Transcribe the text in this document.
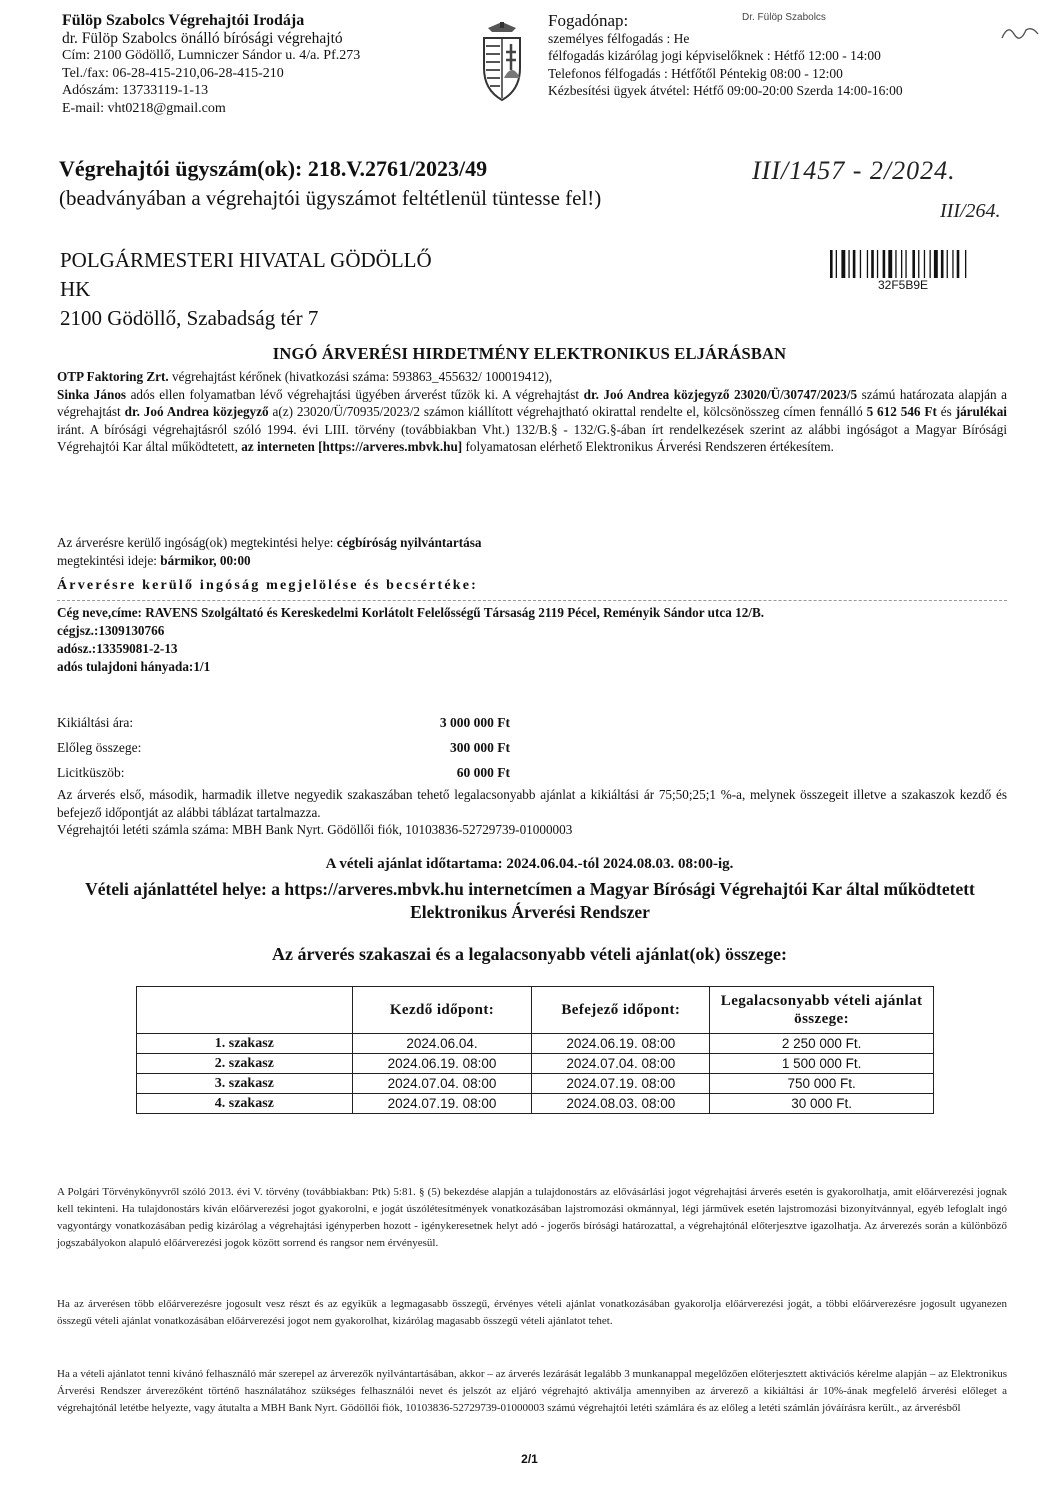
Fülöp Szabolcs Végrehajtói Irodája
dr. Fülöp Szabolcs önálló bírósági végrehajtó
Cím: 2100 Gödöllő, Lumniczer Sándor u. 4/a. Pf.273
Tel./fax: 06-28-415-210,06-28-415-210
Adószám: 13733119-1-13
E-mail: vht0218@gmail.com
Fogadónap:
személyes félfogadás : He
félfogadás kizárólag jogi képviselőknek : Hétfő 12:00 - 14:00
Telefonos félfogadás : Hétfőtől Péntekig 08:00 - 12:00
Kézbesítési ügyek átvétel: Hétfő 09:00-20:00 Szerda 14:00-16:00
Dr. Fülöp Szabolcs
Végrehajtói ügyszám(ok): 218.V.2761/2023/49
(beadványában a végrehajtói ügyszámot feltétlenül tüntesse fel!)
III/1457 - 2/2024.
III/264.
POLGÁRMESTERI HIVATAL GÖDÖLLŐ
HK
2100 Gödöllő, Szabadság tér 7
32F5B9E
INGÓ ÁRVERÉSI HIRDETMÉNY ELEKTRONIKUS ELJÁRÁSBAN
OTP Faktoring Zrt. végrehajtást kérőnek (hivatkozási száma: 593863_455632/ 100019412),
Sinka János adós ellen folyamatban lévő végrehajtási ügyében árverést tűzök ki. A végrehajtást dr. Joó Andrea közjegyző 23020/Ü/30747/2023/5 számú határozata alapján a végrehajtást dr. Joó Andrea közjegyző a(z) 23020/Ü/70935/2023/2 számon kiállított végrehajtható okirattal rendelte el, kölcsönösszeg címen fennálló 5 612 546 Ft és járulékai iránt. A bírósági végrehajtásról szóló 1994. évi LIII. törvény (továbbiakban Vht.) 132/B.§ - 132/G.§-ában írt rendelkezések szerint az alábbi ingóságot a Magyar Bírósági Végrehajtói Kar által működtetett, az interneten [https://arveres.mbvk.hu] folyamatosan elérhető Elektronikus Árverési Rendszeren értékesítem.
Az árverésre kerülő ingóság(ok) megtekintési helye: cégbíróság nyilvántartása
megtekintési ideje: bármikor, 00:00
Árverésre kerülő ingóság megjelölése és becsértéke:
Cég neve,címe: RAVENS Szolgáltató és Kereskedelmi Korlátolt Felelősségű Társaság 2119 Pécel, Reményik Sándor utca 12/B.
cégjsz.:1309130766
adósz.:13359081-2-13
adós tulajdoni hányada:1/1
Kikiáltási ára:	3 000 000 Ft
Előleg összege:	300 000 Ft
Licitküszöb:	60 000 Ft
Az árverés első, második, harmadik illetve negyedik szakaszában tehető legalacsonyabb ajánlat a kikiáltási ár 75;50;25;1 %-a, melynek összegeit illetve a szakaszok kezdő és befejező időpontját az alábbi táblázat tartalmazza.
Végrehajtói letéti számla száma: MBH Bank Nyrt. Gödöllői fiók, 10103836-52729739-01000003
A vételi ajánlat időtartama: 2024.06.04.-tól 2024.08.03. 08:00-ig.
Vételi ajánlattétel helye: a https://arveres.mbvk.hu internetcímen a Magyar Bírósági Végrehajtói Kar által működtetett Elektronikus Árverési Rendszer
Az árverés szakaszai és a legalacsonyabb vételi ajánlat(ok) összege:
	Kezdő időpont:	Befejező időpont:	Legalacsonyabb vételi ajánlat összege:
1. szakasz	2024.06.04.	2024.06.19. 08:00	2 250 000 Ft.
2. szakasz	2024.06.19. 08:00	2024.07.04. 08:00	1 500 000 Ft.
3. szakasz	2024.07.04. 08:00	2024.07.19. 08:00	750 000 Ft.
4. szakasz	2024.07.19. 08:00	2024.08.03. 08:00	30 000 Ft.
A Polgári Törvénykönyvről szóló 2013. évi V. törvény (továbbiakban: Ptk) 5:81. § (5) bekezdése alapján a tulajdonostárs az elővásárlási jogot végrehajtási árverés esetén is gyakorolhatja, amit előárverezési jognak kell tekinteni. Ha tulajdonostárs kíván előárverezési jogot gyakorolni, e jogát úszólétesítmények vonatkozásában lajstromozási okmánnyal, légi járművek esetén lajstromozási bizonyítvánnyal, egyéb lefoglalt ingó vagyontárgy vonatkozásában pedig kizárólag a végrehajtási igényperben hozott - igénykeresetnek helyt adó - jogerős bírósági határozattal, a végrehajtónál előterjesztve igazolhatja. Az árverezés során a különböző jogszabályokon alapuló előárverezési jogok között sorrend és rangsor nem érvényesül.
Ha az árverésen több előárverezésre jogosult vesz részt és az egyikük a legmagasabb összegű, érvényes vételi ajánlat vonatkozásában gyakorolja előárverezési jogát, a többi előárverezésre jogosult ugyanezen összegű vételi ajánlat vonatkozásában előárverezési jogot nem gyakorolhat, kizárólag magasabb összegű vételi ajánlatot tehet.
Ha a vételi ajánlatot tenni kívánó felhasználó már szerepel az árverezők nyilvántartásában, akkor – az árverés lezárását legalább 3 munkanappal megelőzően előterjesztett aktivációs kérelme alapján – az Elektronikus Árverési Rendszer árverezőként történő használatához szükséges felhasználói nevet és jelszót az eljáró végrehajtó aktiválja amennyiben az árverező a kikiáltási ár 10%-ának megfelelő árverési előleget a végrehajtónál letétbe helyezte, vagy átutalta a MBH Bank Nyrt. Gödöllői fiók, 10103836-52729739-01000003 számú végrehajtói letéti számlára és az előleg a letéti számlán jóváírásra került., az árverésből
2/1
